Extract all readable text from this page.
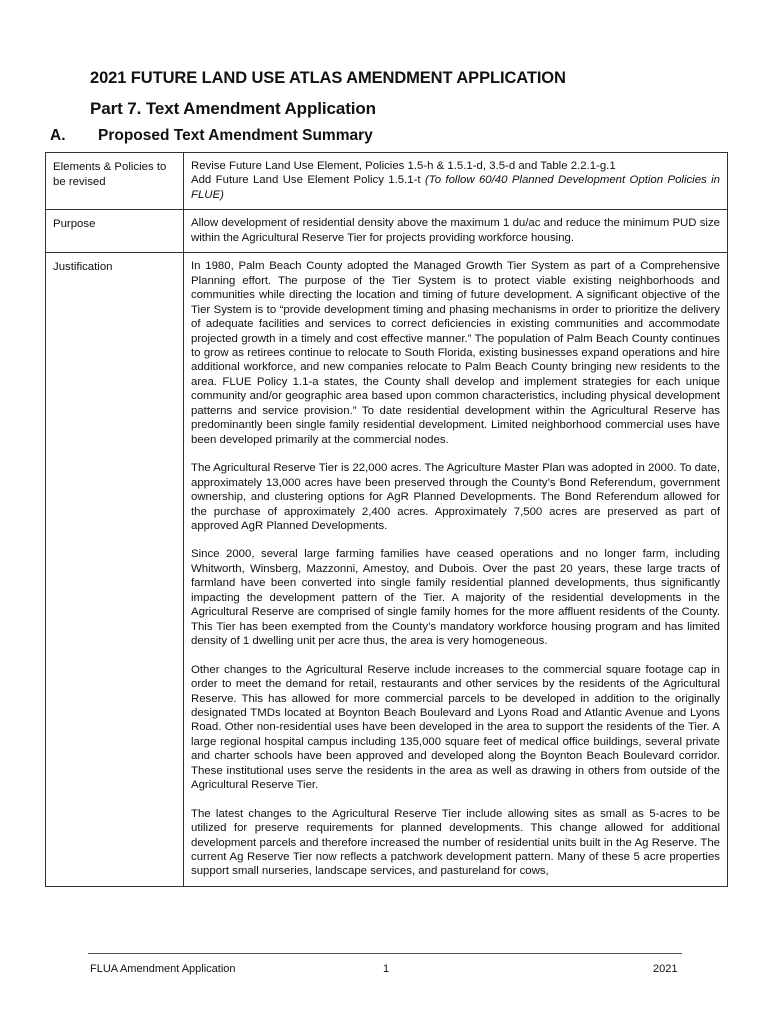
2021 FUTURE LAND USE ATLAS AMENDMENT APPLICATION
Part 7. Text Amendment Application
A. Proposed Text Amendment Summary
Elements & Policies to be revised	Revise Future Land Use Element, Policies 1.5-h & 1.5.1-d, 3.5-d and Table 2.2.1-g.1
Add Future Land Use Element Policy 1.5.1-t (To follow 60/40 Planned Development Option Policies in FLUE)

Purpose	Allow development of residential density above the maximum 1 du/ac and reduce the minimum PUD size within the Agricultural Reserve Tier for projects providing workforce housing.
Justification	In 1980, Palm Beach County adopted the Managed Growth Tier System as part of a Comprehensive Planning effort. The purpose of the Tier System is to protect viable existing neighborhoods and communities while directing the location and timing of future development. A significant objective of the Tier System is to “provide development timing and phasing mechanisms in order to prioritize the delivery of adequate facilities and services to correct deficiencies in existing communities and accommodate projected growth in a timely and cost effective manner.” The population of Palm Beach County continues to grow as retirees continue to relocate to South Florida, existing businesses expand operations and hire additional workforce, and new companies relocate to Palm Beach County bringing new residents to the area. FLUE Policy 1.1-a states, the County shall develop and implement strategies for each unique community and/or geographic area based upon common characteristics, including physical development patterns and service provision.” To date residential development within the Agricultural Reserve has predominantly been single family residential development. Limited neighborhood commercial uses have been developed primarily at the commercial nodes.

The Agricultural Reserve Tier is 22,000 acres. The Agriculture Master Plan was adopted in 2000. To date, approximately 13,000 acres have been preserved through the County’s Bond Referendum, government ownership, and clustering options for AgR Planned Developments. The Bond Referendum allowed for the purchase of approximately 2,400 acres. Approximately 7,500 acres are preserved as part of approved AgR Planned Developments.

Since 2000, several large farming families have ceased operations and no longer farm, including Whitworth, Winsberg, Mazzonni, Amestoy, and Dubois. Over the past 20 years, these large tracts of farmland have been converted into single family residential planned developments, thus significantly impacting the development pattern of the Tier. A majority of the residential developments in the Agricultural Reserve are comprised of single family homes for the more affluent residents of the County. This Tier has been exempted from the County’s mandatory workforce housing program and has limited density of 1 dwelling unit per acre thus, the area is very homogeneous.

Other changes to the Agricultural Reserve include increases to the commercial square footage cap in order to meet the demand for retail, restaurants and other services by the residents of the Agricultural Reserve. This has allowed for more commercial parcels to be developed in addition to the originally designated TMDs located at Boynton Beach Boulevard and Lyons Road and Atlantic Avenue and Lyons Road. Other non-residential uses have been developed in the area to support the residents of the Tier. A large regional hospital campus including 135,000 square feet of medical office buildings, several private and charter schools have been approved and developed along the Boynton Beach Boulevard corridor. These institutional uses serve the residents in the area as well as drawing in others from outside of the Agricultural Reserve Tier.

The latest changes to the Agricultural Reserve Tier include allowing sites as small as 5-acres to be utilized for preserve requirements for planned developments. This change allowed for additional development parcels and therefore increased the number of residential units built in the Ag Reserve. The current Ag Reserve Tier now reflects a patchwork development pattern. Many of these 5 acre properties support small nurseries, landscape services, and pastureland for cows,

FLUA Amendment Application	1	2021
